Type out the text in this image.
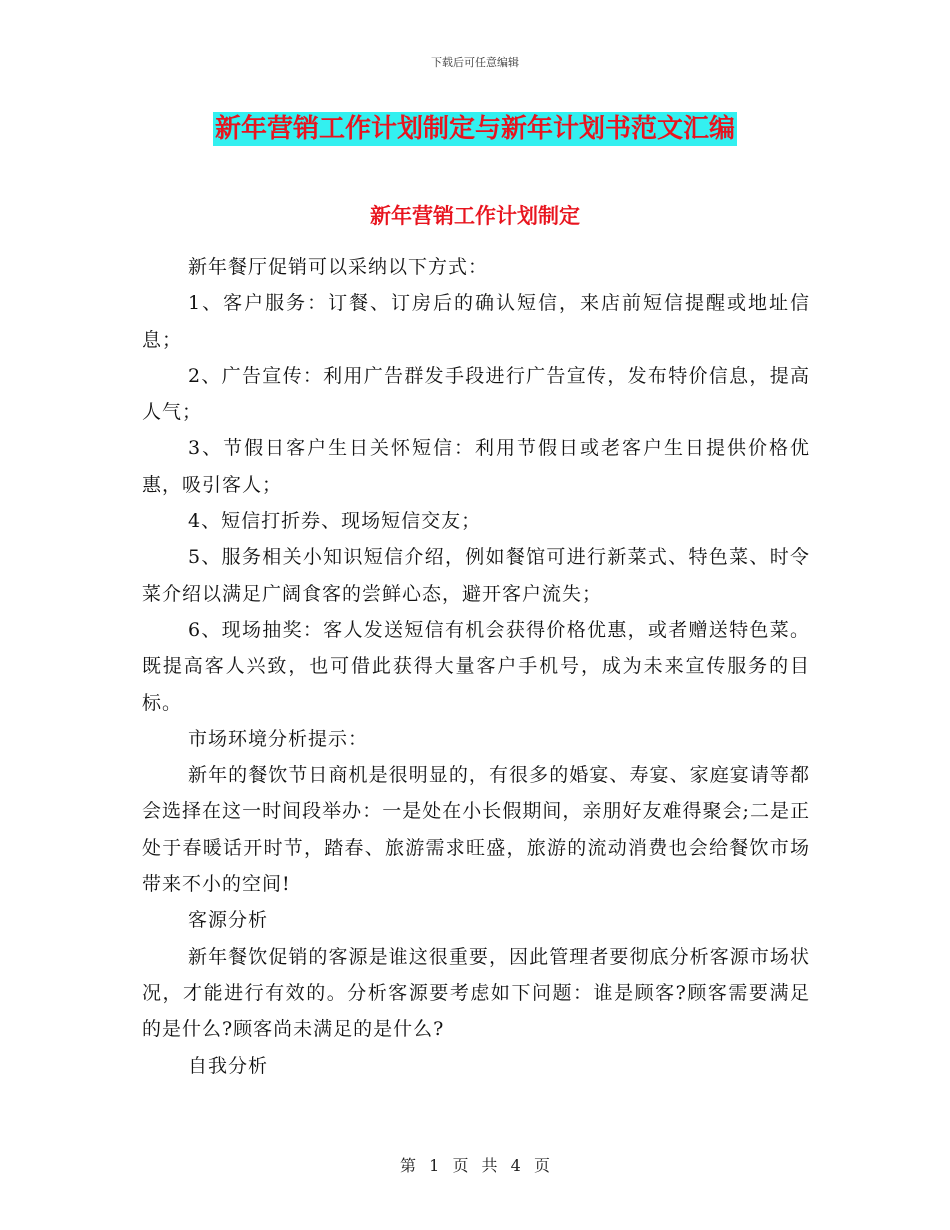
下载后可任意编辑
新年营销工作计划制定与新年计划书范文汇编
新年营销工作计划制定

新年餐厅促销可以采纳以下方式：

1、客户服务：订餐、订房后的确认短信，来店前短信提醒或地址信息；

2、广告宣传：利用广告群发手段进行广告宣传，发布特价信息，提高人气；

3、节假日客户生日关怀短信：利用节假日或老客户生日提供价格优惠，吸引客人；

4、短信打折券、现场短信交友；

5、服务相关小知识短信介绍，例如餐馆可进行新菜式、特色菜、时令菜介绍以满足广阔食客的尝鲜心态，避开客户流失；

6、现场抽奖：客人发送短信有机会获得价格优惠，或者赠送特色菜。既提高客人兴致，也可借此获得大量客户手机号，成为未来宣传服务的目标。

市场环境分析提示：

新年的餐饮节日商机是很明显的，有很多的婚宴、寿宴、家庭宴请等都会选择在这一时间段举办：一是处在小长假期间，亲朋好友难得聚会;二是正处于春暖话开时节，踏春、旅游需求旺盛，旅游的流动消费也会给餐饮市场带来不小的空间!

客源分析

新年餐饮促销的客源是谁这很重要，因此管理者要彻底分析客源市场状况，才能进行有效的。分析客源要考虑如下问题：谁是顾客?顾客需要满足的是什么?顾客尚未满足的是什么?

自我分析

第 1 页 共 4 页
